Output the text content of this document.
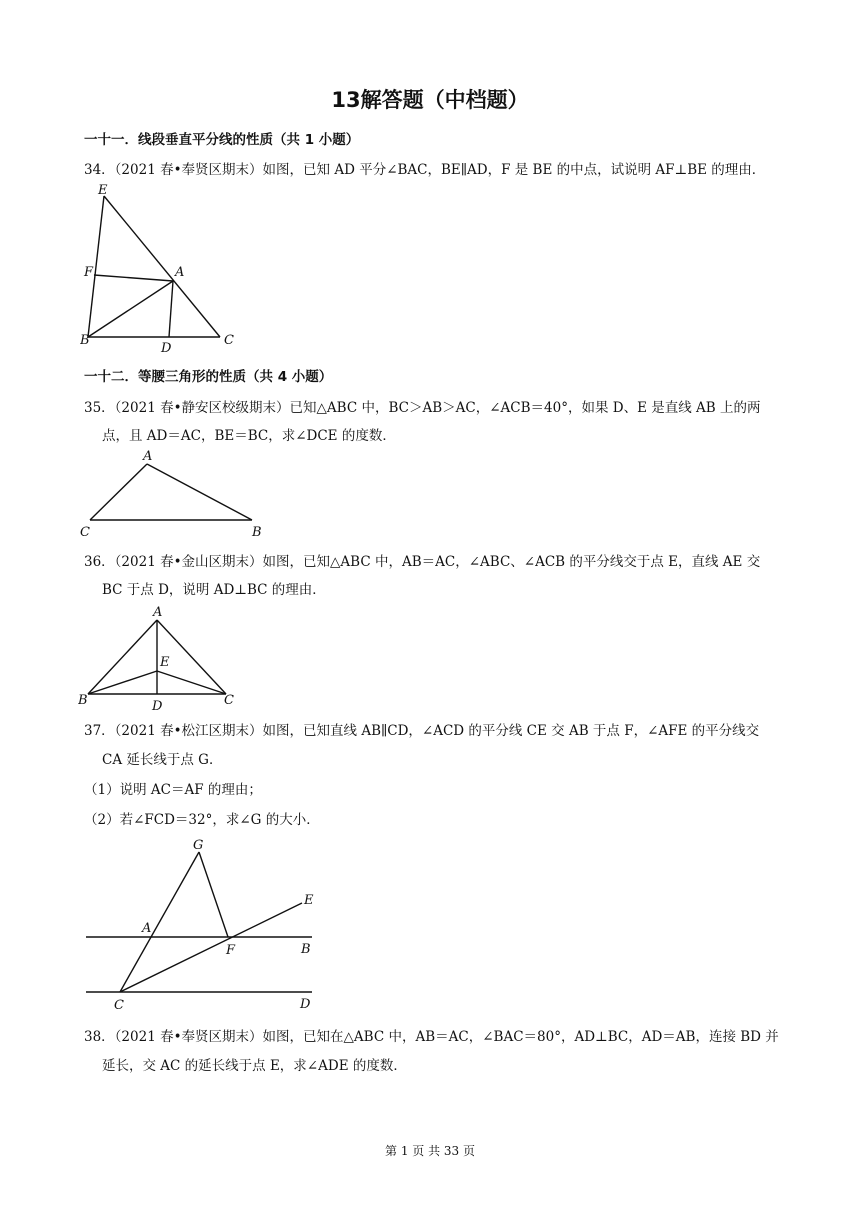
13解答题（中档题）
一十一．线段垂直平分线的性质（共 1 小题）
34．（2021 春•奉贤区期末）如图，已知 AD 平分∠BAC，BE∥AD，F 是 BE 的中点，试说明 AF⊥BE 的理由．
E
F	A
B
D
C
一十二．等腰三角形的性质（共 4 小题）
35．（2021 春•静安区校级期末）已知△ABC 中，BC＞AB＞AC，∠ACB＝40°，如果 D、E 是直线 AB 上的两
点，且 AD＝AC，BE＝BC，求∠DCE 的度数．
A
C	B
36．（2021 春•金山区期末）如图，已知△ABC 中，AB＝AC，∠ABC、∠ACB 的平分线交于点 E，直线 AE 交
BC 于点 D，说明 AD⊥BC 的理由．
A
E
B	D	C
37．（2021 春•松江区期末）如图，已知直线 AB∥CD，∠ACD 的平分线 CE 交 AB 于点 F，∠AFE 的平分线交
CA 延长线于点 G．
（1）说明 AC＝AF 的理由；
（2）若∠FCD＝32°，求∠G 的大小．
G
E
A
F	B
C	D
38．（2021 春•奉贤区期末）如图，已知在△ABC 中，AB＝AC，∠BAC＝80°，AD⊥BC，AD＝AB，连接 BD 并
延长，交 AC 的延长线于点 E，求∠ADE 的度数．
第 1 页 共 33 页
